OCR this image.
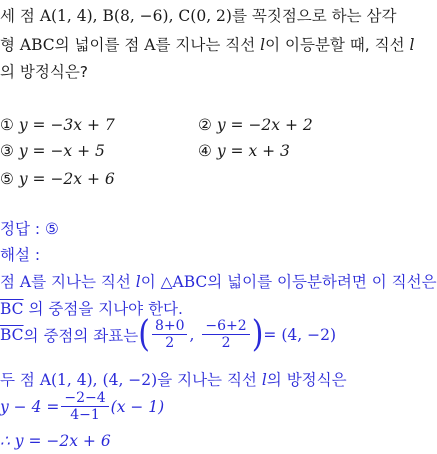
세 점 A(1, 4), B(8, −6), C(0, 2)를 꼭짓점으로 하는 삼각
형 ABC의 넓이를 점 A를 지나는 직선 l이 이등분할 때, 직선 l
의 방정식은?
① y = −3x + 7	② y = −2x + 2
③ y = −x + 5	④ y = x + 3
⑤ y = −2x + 6
정답 : ⑤
해설 :
점 A를 지나는 직선 l이 △ABC의 넓이를 이등분하려면 이 직선은
$\overline{BC}$ 의 중점을 지나야 한다.
$\overline{BC}$ 의 중점의 좌표는 ( $\frac{8+0}{2}$ , $\frac{-6+2}{2}$ ) = (4, −2)
두 점 A(1, 4), (4, −2)을 지나는 직선 l의 방정식은
$y - 4 = \frac{-2-4}{4-1} (x - 1)$
∴ y = −2x + 6
